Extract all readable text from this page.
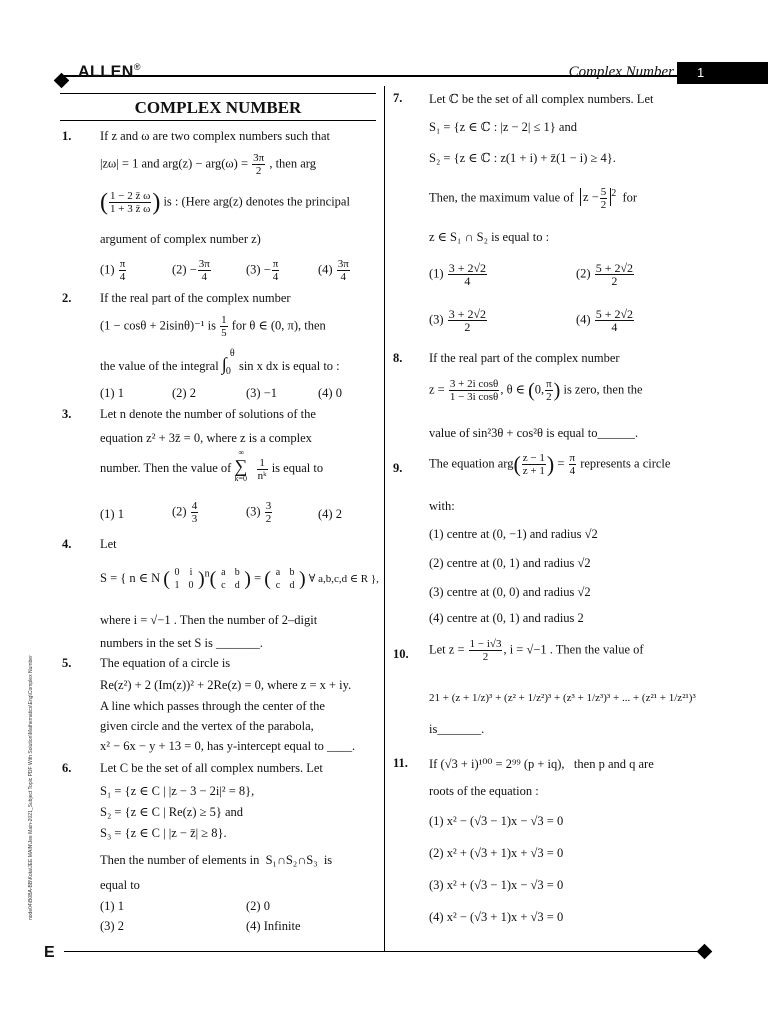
ALLEN®	Complex Number	1
COMPLEX NUMBER
1. If z and ω are two complex numbers such that
|zω| = 1 and $arg(z) - arg(\omega) = \frac{3\pi}{2}$ , then arg
( $\frac{1 - 2 z̄ \omega}{1 + 3 z̄ \omega}$ ) is : (Here arg(z) denotes the principal
argument of complex number z)
$(1) \frac{\pi}{4}$	$(2) - \frac{3\pi}{4}$	$(3) - \frac{\pi}{4}$	$(4) \frac{3\pi}{4}$
2. If the real part of the complex number
(1 − cosθ + 2isinθ)⁻¹ is $\frac{1}{5}$ for θ ∈ (0, π), then
the value of the integral ∫
θ
0 sin x dx is equal to :
(1) 1	(2) 2	(3) −1	(4) 0
3. Let n denote the number of solutions of the
equation z² + 3z̄ = 0, where z is a complex
number. Then the value of ∑
∞
k=0
$\frac{1}{\text{nᵏ}}$ is equal to
(1) 1	$(2) \frac{4}{3}$	$(3) \frac{3}{2}$	(4) 2
4. Let
S = { n ∈ N ( 0 i
1 0 )$^n$( a b
c d ) = ( a b
c d ) ∀ a,b,c,d ∈ R },
where i = √−1 . Then the number of 2–digit
numbers in the set S is _______.
5. The equation of a circle is
Re(z²) + 2 (Im(z))² + 2Re(z) = 0, where z = x + iy.
A line which passes through the center of the
given circle and the vertex of the parabola,
x² − 6x − y + 13 = 0, has y-intercept equal to ____.
6. Let C be the set of all complex numbers. Let
S₁ = {z ∈ C | |z − 3 − 2i|² = 8},
S₂ = {z ∈ C | Re(z) ≥ 5} and
S₃ = {z ∈ C | |z − z̄| ≥ 8}.
Then the number of elements in S₁∩S₂∩S₃ is
equal to
(1) 1	(2) 0
(3) 2	(4) Infinite
7. Let ℂ be the set of all complex numbers. Let
S₁ = {z ∈ ℂ : |z − 2| ≤ 1} and
S₂ = {z ∈ ℂ : z(1 + i) + z̄(1 − i) ≥ 4}.
Then, the maximum value of $z - \frac{5}{2} ^2$ for
z ∈ S₁ ∩ S₂ is equal to :
$(1) \frac{3 + 2√2}{4}$	$(2) \frac{5 + 2√2}{2}$
$(3) \frac{3 + 2√2}{2}$	$(4) \frac{5 + 2√2}{4}$
8. If the real part of the complex number
$z = \frac{\text{3 + 2i cosθ}}{\text{1 − 3i cosθ}}$ , θ ∈ (0, $\frac{\pi}{2}$ ) is zero, then the
value of sin²3θ + cos²θ is equal to______.
9. The equation $arg( \frac{z - 1}{z + 1}$ ) = $\frac{\pi}{4}$ represents a circle
with:
(1) centre at (0, −1) and radius √2
(2) centre at (0, 1) and radius √2
(3) centre at (0, 0) and radius √2
(4) centre at (0, 1) and radius 2
10. Let $z = \frac{1 - i√3}{2}$ , i = √−1 . Then the value of
21 + (z + 1/z)³ + (z² + 1/z²)³ + (z³ + 1/z³)³ + ... + (z²¹ + 1/z²¹)³
is_______.
11. If (√3 + i)¹⁰⁰ = 2⁹⁹ (p + iq), then p and q are
roots of the equation :
(1) x² − (√3 − 1)x − √3 = 0
(2) x² + (√3 + 1)x + √3 = 0
(3) x² + (√3 − 1)x − √3 = 0
(4) x² − (√3 + 1)x + √3 = 0
E
node04\B0BA-BB\Kota\JEE MAIN\Jee Main-2021_Subject Topic PDF With Solution\Mathematics\Eng\Complex Number
